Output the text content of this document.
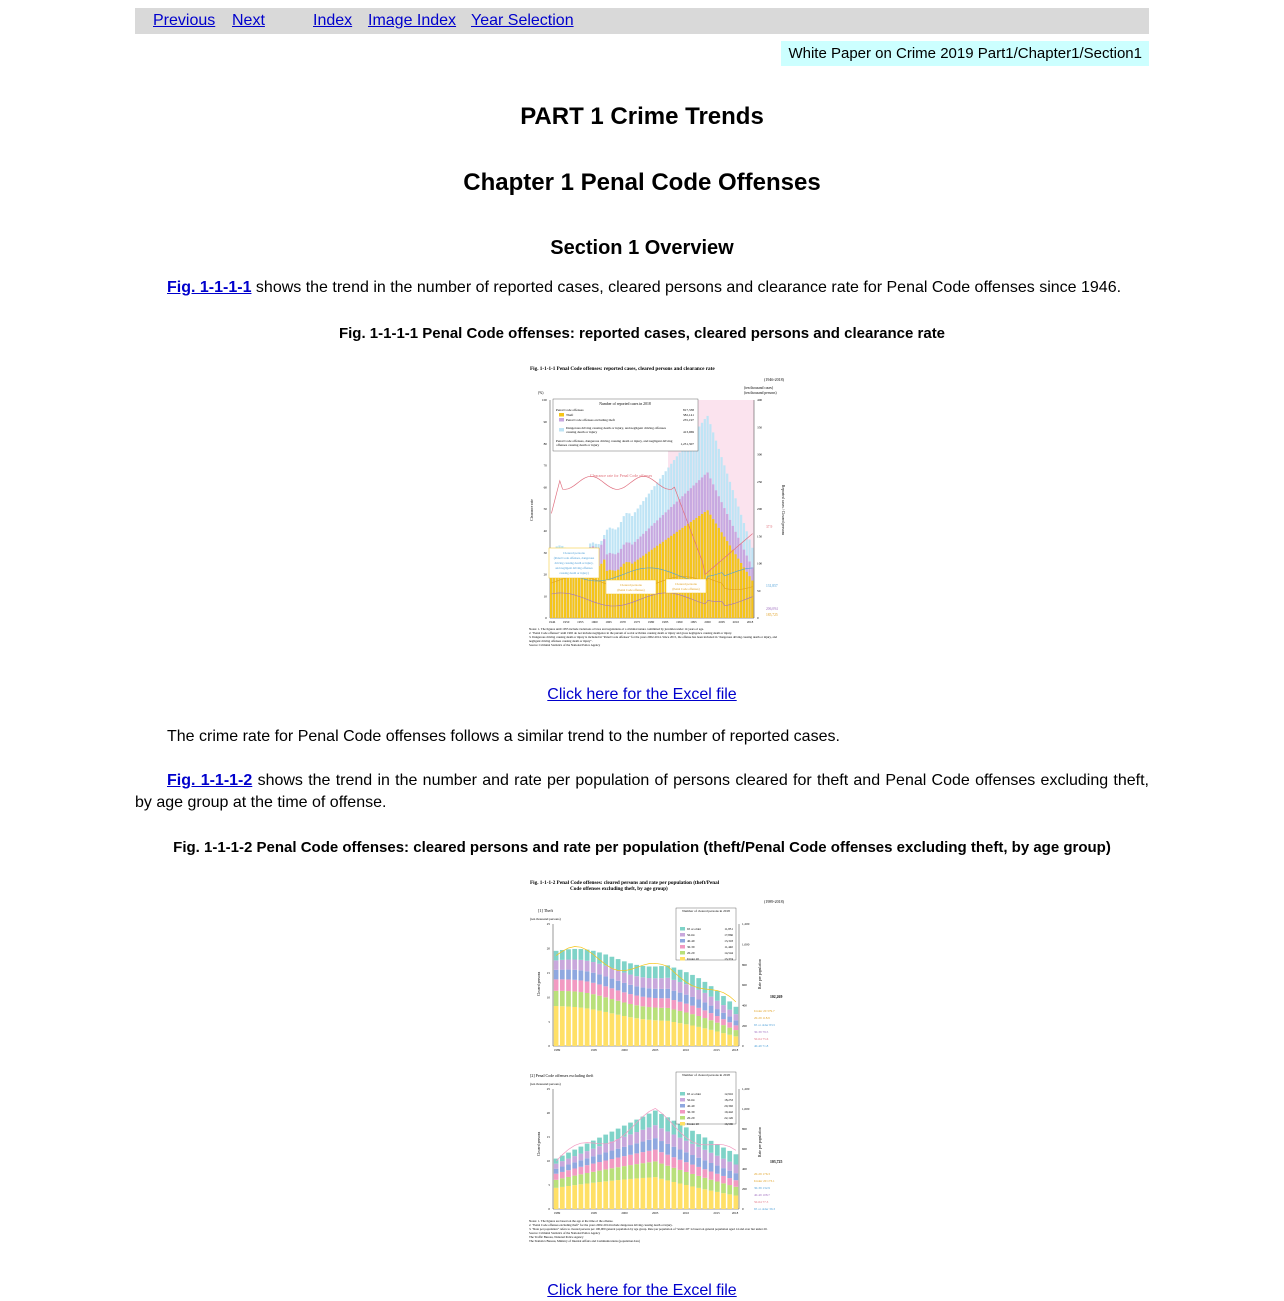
Previous Next	Index Image Index Year Selection
White Paper on Crime 2019 Part1/Chapter1/Section1
PART 1 Crime Trends
Chapter 1 Penal Code Offenses
Section 1 Overview

Fig. 1-1-1-1 shows the trend in the number of reported cases, cleared persons and clearance rate for Penal Code offenses since 1946.

Fig. 1-1-1-1 Penal Code offenses: reported cases, cleared persons and clearance rate
Fig. 1-1-1-1 Penal Code offenses: reported cases, cleared persons and clearance rate
(1946-2018)
(ten thousand cases)
(ten thousand persons)
(%)
Clearance rate	Reported cases / Cleared persons
0
10
20
30
40
50
60
70
80
90
100
0
50
100
150
200
250
300
350
400
1946 1950 1955 1960 1965 1970 1975 1980 1985 1990 1995 2000 2005 2010 2018
Number of reported cases in 2018
Penal Code offenses	817,338
Theft	582,141
Penal Code offenses excluding theft	235,197
Dangerous driving causing death or injury, and negligent driving offenses causing death or injury	413,969
Penal Code offenses, dangerous driving causing death or injury, and negligent driving offenses causing death or injury	1,231,307
Clearance rate for Penal Code offenses
Cleared persons
(Penal Code offenses, dangerous
driving causing death or injury,
and negligent driving offenses
causing death or injury)
Cleared persons
(Penal Code offenses)
Cleared persons
(Penal Code offenses)
37.9
131,857
206,094
185,725
Notes: 1. The figures until 1955 include violations of laws and regulations of a criminal nature committed by juveniles under 14 years of age.
2. "Penal Code offenses" until 1965 do not include negligence in the pursuit of social activities causing death or injury and gross negligence causing death or injury.
3. Dangerous driving causing death or injury is included in "Penal Code offenses" for the years 2002-2014. Since 2015, the offense has been included in "dangerous driving causing death or injury, and negligent driving offenses causing death or injury".
Source: Criminal Statistics of the National Police Agency
Click here for the Excel file

The crime rate for Penal Code offenses follows a similar trend to the number of reported cases.

Fig. 1-1-1-2 shows the trend in the number and rate per population of persons cleared for theft and Penal Code offenses excluding theft, by age group at the time of offense.

Fig. 1-1-1-2 Penal Code offenses: cleared persons and rate per population (theft/Penal Code offenses excluding theft, by age group)
Fig. 1-1-1-2 Penal Code offenses: cleared persons and rate per population (theft/Penal
Code offenses excluding theft, by age group)
(1989-2018)
[1] Theft
(ten thousand persons)
Cleared persons	Rate per population
0
5
10
15
20
25
0
200
400
600
800
1,000
1,200
1989	1995	2000	2005	2010	2015	2018
Number of cleared persons in 2018
65 or older	11,851
50-64	17,866
40-49	13,318
30-39	11,440
20-29	14,544
Under 20	13,374
102,269
Under 20 379.7
20-29 118.9
65 or older 83.5
30-39 79.5
50-64 75.6
40-49 71.8
[2] Penal Code offenses excluding theft
(ten thousand persons)
Cleared persons	Rate per population
0
5
10
15
20
25
0
200
400
600
800
1,000
1,200
1989	1995	2000	2005	2010	2015	2018
Number of cleared persons in 2018
65 or older	12,916
50-64	18,253
40-49	20,392
30-39	19,442
20-29	22,126
Under 20	16,596
103,725
20-29 176.3
Under 20 173.1
30-39 132.9
40-49 108.7
50-64 77.3
65 or older 36.3
Notes: 1. The figures are based on the age at the time of the offense.
2. "Penal Code offenses excluding theft" for the years 2002-2014 include dangerous driving causing death or injury.
3. "Rate per population" refers to cleared persons per 100,000 general population by age group. Rate per population of "under 20" is based on general population aged 14 and over but under 20.
Source: Criminal Statistics of the National Police Agency
The Traffic Bureau, National Police Agency
The Statistics Bureau, Ministry of Internal Affairs and Communications (population data)
Click here for the Excel file
